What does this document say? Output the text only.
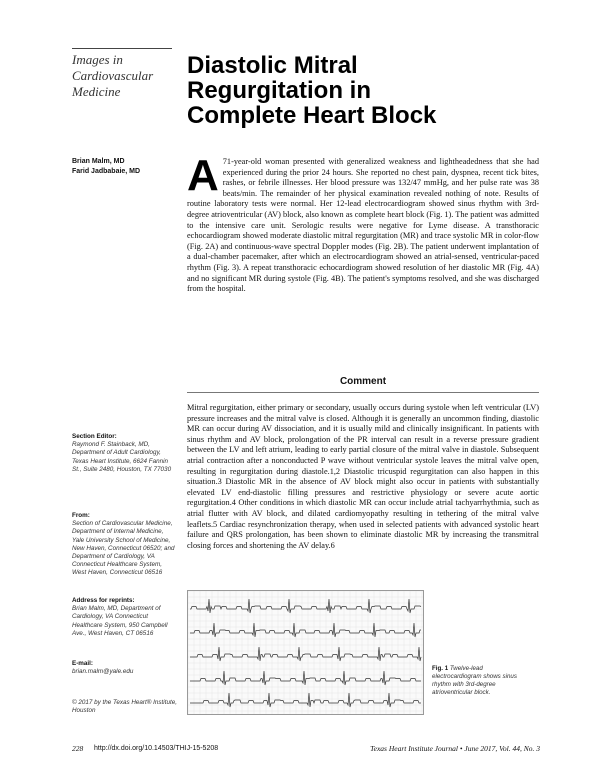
Images in Cardiovascular Medicine
Diastolic Mitral
Regurgitation in
Complete Heart Block
Brian Malm, MD
Farid Jadbabaie, MD	A 71-year-old woman presented with generalized weakness and lightheadedness that she had experienced during the prior 24 hours. She reported no chest pain, dyspnea, recent tick bites, rashes, or febrile illnesses. Her blood pressure was 132/47 mmHg, and her pulse rate was 38 beats/min. The remainder of her physical examination revealed nothing of note. Results of routine laboratory tests were normal. Her 12-lead electrocardiogram showed sinus rhythm with 3rd-degree atrioventricular (AV) block, also known as complete heart block (Fig. 1). The patient was admitted to the intensive care unit. Serologic results were negative for Lyme disease. A transthoracic echocardiogram showed moderate diastolic mitral regurgitation (MR) and trace systolic MR in color-flow (Fig. 2A) and continuous-wave spectral Doppler modes (Fig. 2B). The patient underwent implantation of a dual-chamber pacemaker, after which an electrocardiogram showed an atrial-sensed, ventricular-paced rhythm (Fig. 3). A repeat transthoracic echocardiogram showed resolution of her diastolic MR (Fig. 4A) and no significant MR during systole (Fig. 4B). The patient's symptoms resolved, and she was discharged from the hospital.

Comment

Mitral regurgitation, either primary or secondary, usually occurs during systole when left ventricular (LV) pressure increases and the mitral valve is closed. Although it is generally an uncommon finding, diastolic MR can occur during AV dissociation, and it is usually mild and clinically insignificant. In patients with sinus rhythm and AV block, prolongation of the PR interval can result in a reverse pressure gradient between the LV and left atrium, leading to early partial closure of the mitral valve in diastole. Subsequent atrial contraction after a nonconducted P wave without ventricular systole leaves the mitral valve open, resulting in regurgitation during diastole.1,2 Diastolic tricuspid regurgitation can also happen in this situation.3 Diastolic MR in the absence of AV block might also occur in patients with substantially elevated LV end-diastolic filling pressures and restrictive physiology or severe acute aortic regurgitation.4 Other conditions in which diastolic MR can occur include atrial tachyarrhythmia, such as atrial flutter with AV block, and dilated cardiomyopathy resulting in tethering of the mitral valve leaflets.5 Cardiac resynchronization therapy, when used in selected patients with advanced systolic heart failure and QRS prolongation, has been shown to eliminate diastolic MR by increasing the transmitral closing forces and shortening the AV delay.6

Section Editor:
Raymond F. Stainback, MD, Department of Adult Cardiology, Texas Heart Institute, 6624 Fannin St., Suite 2480, Houston, TX 77030
From:
Section of Cardiovascular Medicine, Department of Internal Medicine, Yale University School of Medicine, New Haven, Connecticut 06520; and Department of Cardiology, VA Connecticut Healthcare System, West Haven, Connecticut 06516
Address for reprints:
Brian Malm, MD, Department of Cardiology, VA Connecticut Healthcare System, 950 Campbell Ave., West Haven, CT 06516
E-mail:
brian.malm@yale.edu
© 2017 by the Texas Heart® Institute, Houston
Fig. 1 Twelve-lead electrocardiogram shows sinus rhythm with 3rd-degree atrioventricular block.
228 http://dx.doi.org/10.14503/THIJ-15-5208	Texas Heart Institute Journal • June 2017, Vol. 44, No. 3
